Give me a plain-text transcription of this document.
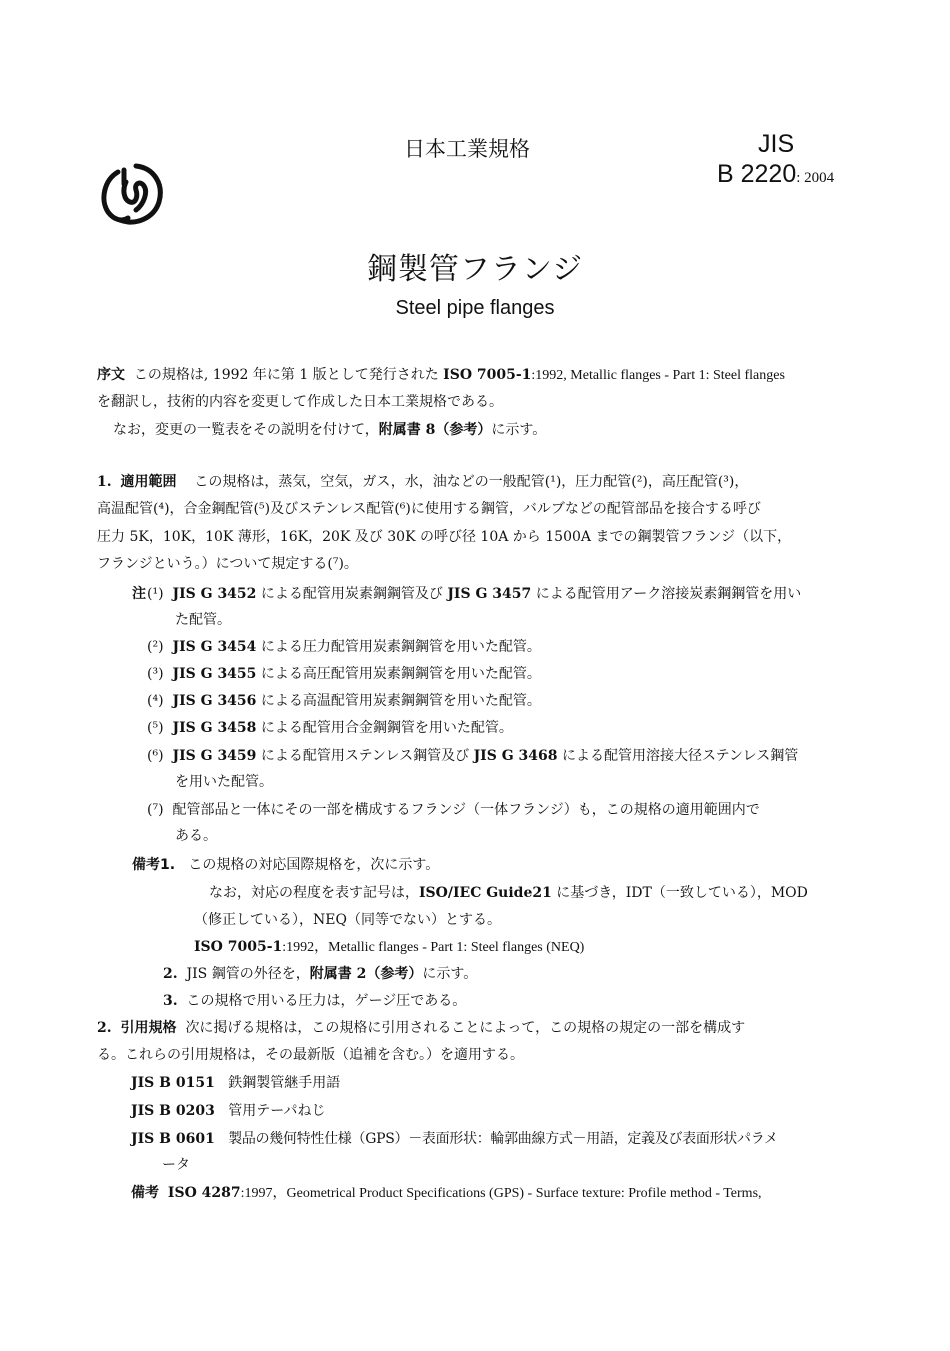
日本工業規格	JIS
B 2220: 2004
鋼製管フランジ
Steel pipe flanges
序文 この規格は, 1992 年に第 1 版として発行された ISO 7005-1:1992, Metallic flanges - Part 1: Steel flanges
を翻訳し，技術的内容を変更して作成した日本工業規格である。
なお，変更の一覧表をその説明を付けて，附属書 8（参考）に示す。
1. 適用範囲 この規格は，蒸気，空気，ガス，水，油などの一般配管(¹)，圧力配管(²)，高圧配管(³)，
高温配管(⁴)，合金鋼配管(⁵)及びステンレス配管(⁶)に使用する鋼管，バルブなどの配管部品を接合する呼び
圧力 5K，10K，10K 薄形，16K，20K 及び 30K の呼び径 10A から 1500A までの鋼製管フランジ（以下，
フランジという。）について規定する(⁷)。
注 (¹) JIS G 3452 による配管用炭素鋼鋼管及び JIS G 3457 による配管用アーク溶接炭素鋼鋼管を用い
た配管。
(²) JIS G 3454 による圧力配管用炭素鋼鋼管を用いた配管。
(³) JIS G 3455 による高圧配管用炭素鋼鋼管を用いた配管。
(⁴) JIS G 3456 による高温配管用炭素鋼鋼管を用いた配管。
(⁵) JIS G 3458 による配管用合金鋼鋼管を用いた配管。
(⁶) JIS G 3459 による配管用ステンレス鋼管及び JIS G 3468 による配管用溶接大径ステンレス鋼管
を用いた配管。
(⁷) 配管部品と一体にその一部を構成するフランジ（一体フランジ）も，この規格の適用範囲内で
ある。
備考1. この規格の対応国際規格を，次に示す。
なお，対応の程度を表す記号は，ISO/IEC Guide21 に基づき，IDT（一致している），MOD
（修正している），NEQ（同等でない）とする。
ISO 7005-1:1992，Metallic flanges - Part 1: Steel flanges (NEQ)
2. JIS 鋼管の外径を，附属書 2（参考）に示す。
3. この規格で用いる圧力は，ゲージ圧である。
2. 引用規格 次に掲げる規格は，この規格に引用されることによって，この規格の規定の一部を構成す
る。これらの引用規格は，その最新版（追補を含む。）を適用する。
JIS B 0151 鉄鋼製管継手用語
JIS B 0203 管用テーパねじ
JIS B 0601 製品の幾何特性仕様（GPS）－表面形状：輪郭曲線方式－用語，定義及び表面形状パラメ
ータ
備考 ISO 4287:1997，Geometrical Product Specifications (GPS) - Surface texture: Profile method - Terms,
